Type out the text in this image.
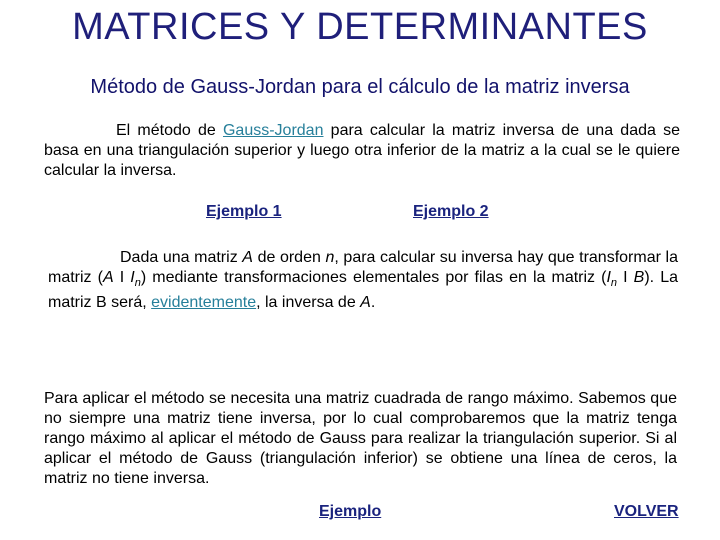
MATRICES Y DETERMINANTES
Método de Gauss-Jordan para el cálculo de la matriz inversa
El método de Gauss-Jordan para calcular la matriz inversa de una dada se basa en una triangulación superior y luego otra inferior de la matriz a la cual se le quiere calcular la inversa.
Ejemplo 1	Ejemplo 2
Dada una matriz A de orden n, para calcular su inversa hay que transformar la matriz (A I $I_n$) mediante transformaciones elementales por filas en la matriz ($I_n$ I B). La matriz B será, evidentemente, la inversa de A.
Para aplicar el método se necesita una matriz cuadrada de rango máximo. Sabemos que no siempre una matriz tiene inversa, por lo cual comprobaremos que la matriz tenga rango máximo al aplicar el método de Gauss para realizar la triangulación superior. Si al aplicar el método de Gauss (triangulación inferior) se obtiene una línea de ceros, la matriz no tiene inversa.
Ejemplo	VOLVER
